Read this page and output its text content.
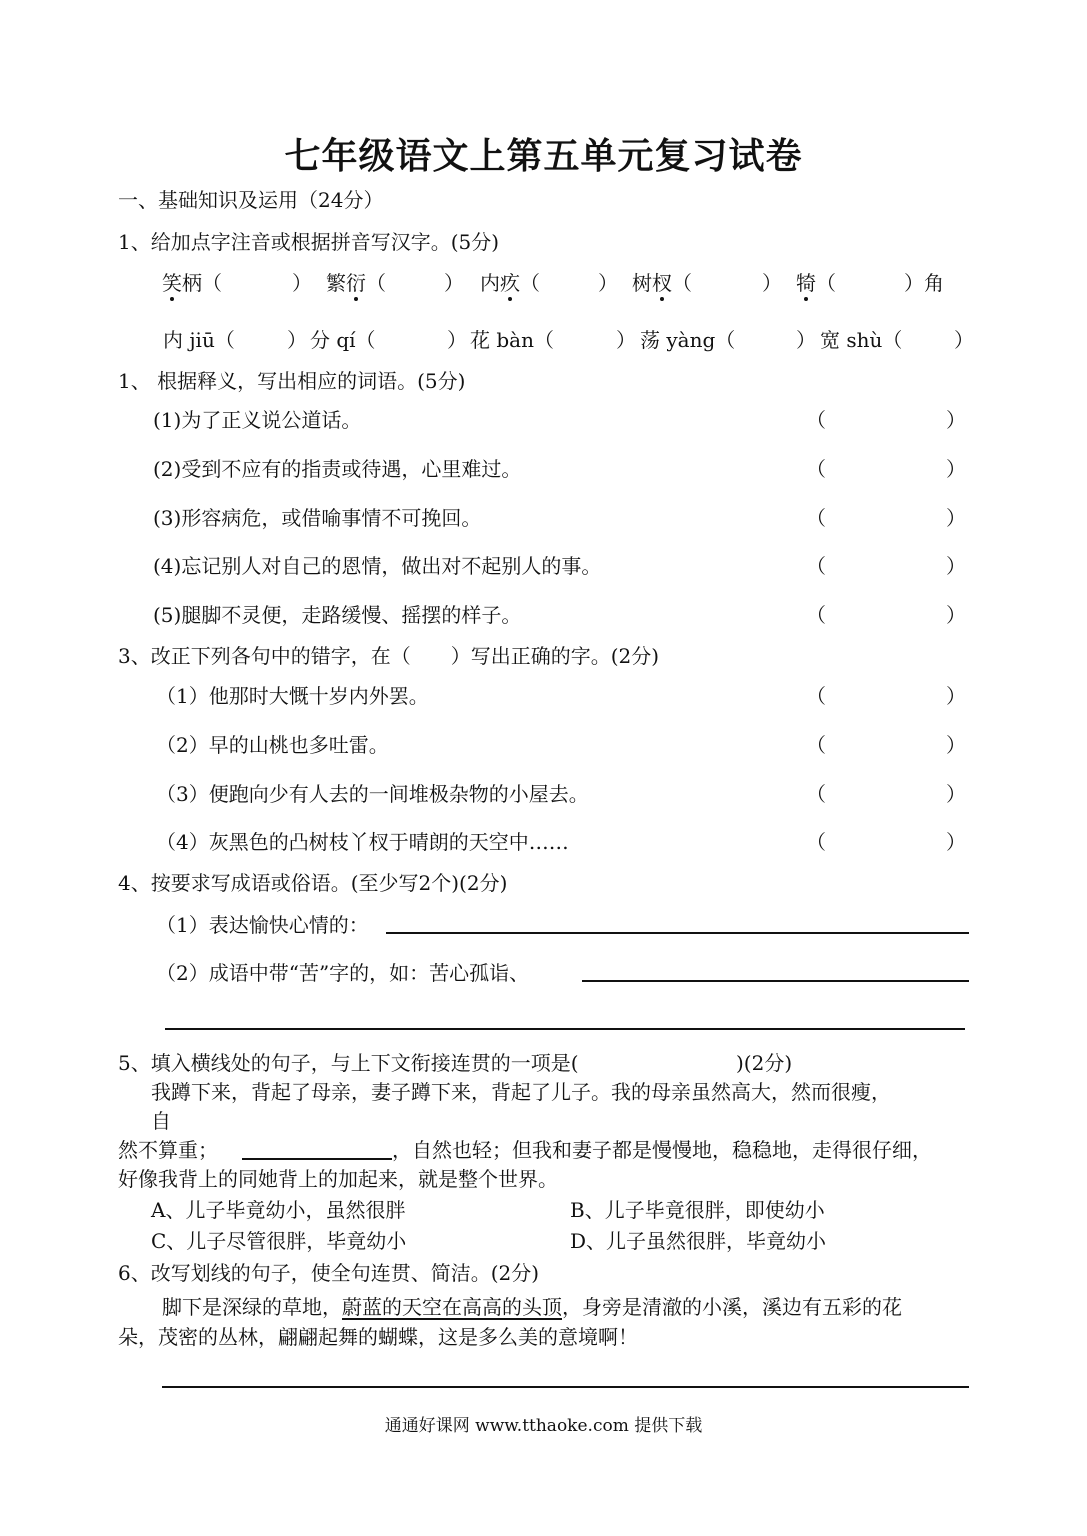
七年级语文上第五单元复习试卷
一、基础知识及运用（24分）
1、给加点字注音或根据拼音写汉字。(5分)
笑柄（	） 繁衍（	） 内疚（	） 树杈（	） 犄（	）角
内 jiū（	） 分 qí（	） 花 bàn（	） 荡 yàng（	） 宽 shù（	）
1、 根据释义，写出相应的词语。(5分)
(1)为了正义说公道话。	（	）
(2)受到不应有的指责或待遇，心里难过。	（	）
(3)形容病危，或借喻事情不可挽回。	（	）
(4)忘记别人对自己的恩情，做出对不起别人的事。	（	）
(5)腿脚不灵便，走路缓慢、摇摆的样子。	（	）
3、改正下列各句中的错字，在（　　）写出正确的字。(2分)
（1）他那时大慨十岁内外罢。	（	）
（2）早的山桃也多吐雷。	（	）
（3）便跑向少有人去的一间堆极杂物的小屋去。	（	）
（4）灰黑色的凸树枝丫杈于晴朗的天空中……	（	）
4、按要求写成语或俗语。(至少写2个)(2分)
（1）表达愉快心情的：
（2）成语中带“苦”字的，如：苦心孤诣、
5、填入横线处的句子，与上下文衔接连贯的一项是(	)(2分)
我蹲下来，背起了母亲，妻子蹲下来，背起了儿子。我的母亲虽然高大，然而很瘦，
自
然不算重；	，自然也轻；但我和妻子都是慢慢地，稳稳地，走得很仔细，
好像我背上的同她背上的加起来，就是整个世界。
A、儿子毕竟幼小，虽然很胖	B、儿子毕竟很胖，即使幼小
C、儿子尽管很胖，毕竟幼小	D、儿子虽然很胖，毕竟幼小
6、改写划线的句子，使全句连贯、简洁。(2分)
脚下是深绿的草地，蔚蓝的天空在高高的头顶，身旁是清澈的小溪，溪边有五彩的花
朵，茂密的丛林，翩翩起舞的蝴蝶，这是多么美的意境啊！
通通好课网 www.tthaoke.com 提供下载
